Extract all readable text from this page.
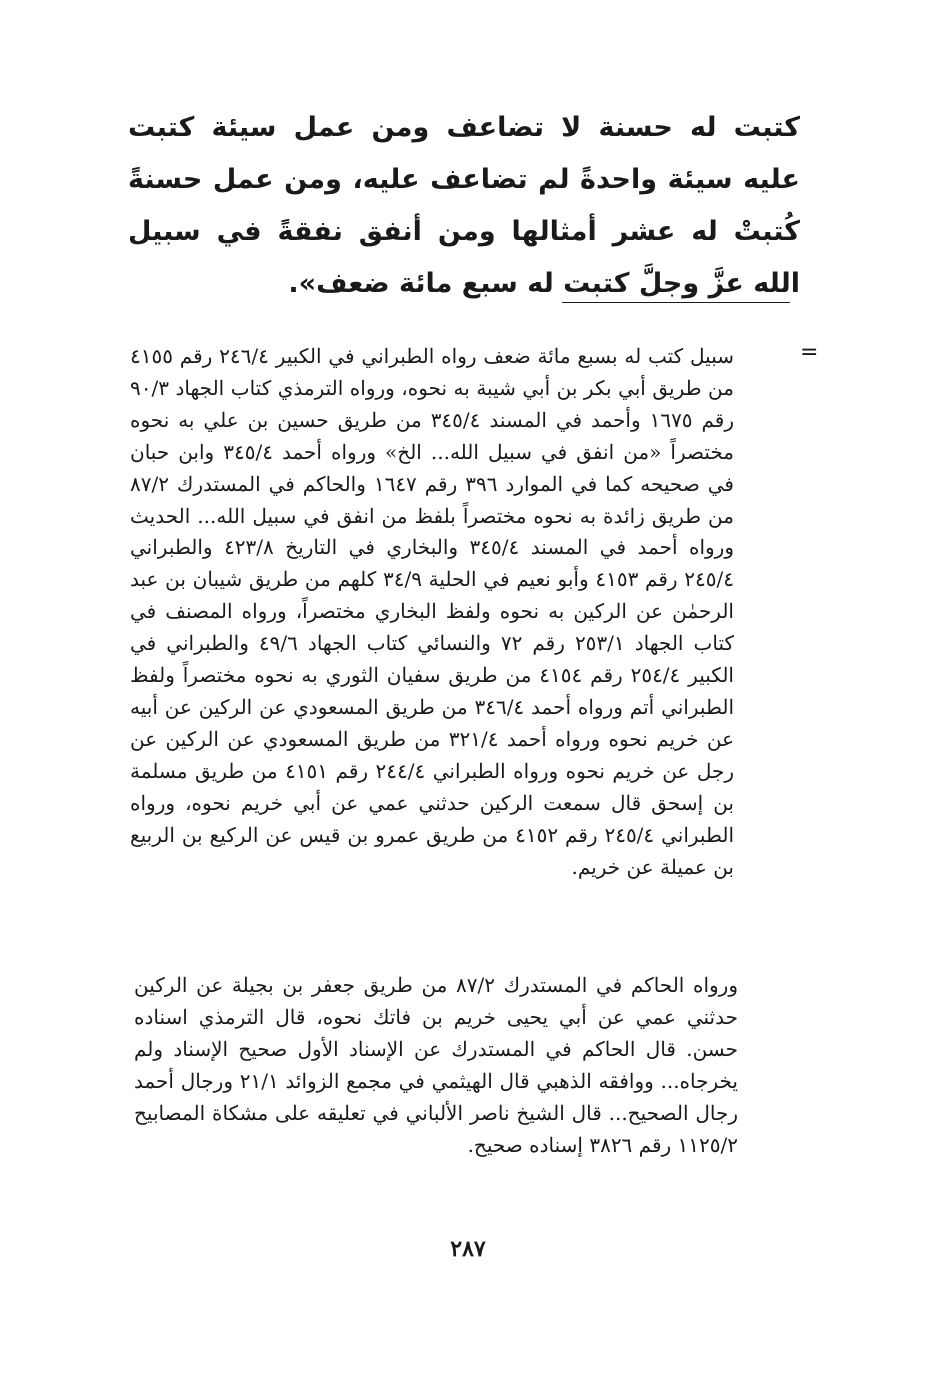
كتبت له حسنة لا تضاعف ومن عمل سيئة كتبت عليه سيئة واحدةً لم تضاعف عليه، ومن عمل حسنةً كُتبتْ له عشر أمثالها ومن أنفق نفقةً في سبيل الله عزَّ وجلَّ كتبت له سبع مائة ضعف».

=

سبيل كتب له بسبع مائة ضعف رواه الطبراني في الكبير ٢٤٦/٤ رقم ٤١٥٥ من طريق أبي بكر بن أبي شيبة به نحوه، ورواه الترمذي كتاب الجهاد ٩٠/٣ رقم ١٦٧٥ وأحمد في المسند ٣٤٥/٤ من طريق حسين بن علي به نحوه مختصراً «من انفق في سبيل الله... الخ» ورواه أحمد ٣٤٥/٤ وابن حبان في صحيحه كما في الموارد ٣٩٦ رقم ١٦٤٧ والحاكم في المستدرك ٨٧/٢ من طريق زائدة به نحوه مختصراً بلفظ من انفق في سبيل الله... الحديث ورواه أحمد في المسند ٣٤٥/٤ والبخاري في التاريخ ٤٢٣/٨ والطبراني ٢٤٥/٤ رقم ٤١٥٣ وأبو نعيم في الحلية ٣٤/٩ كلهم من طريق شيبان بن عبد الرحمٰن عن الركين به نحوه ولفظ البخاري مختصراً، ورواه المصنف في كتاب الجهاد ٢٥٣/١ رقم ٧٢ والنسائي كتاب الجهاد ٤٩/٦ والطبراني في الكبير ٢٥٤/٤ رقم ٤١٥٤ من طريق سفيان الثوري به نحوه مختصراً ولفظ الطبراني أتم ورواه أحمد ٣٤٦/٤ من طريق المسعودي عن الركين عن أبيه عن خريم نحوه ورواه أحمد ٣٢١/٤ من طريق المسعودي عن الركين عن رجل عن خريم نحوه ورواه الطبراني ٢٤٤/٤ رقم ٤١٥١ من طريق مسلمة بن إسحق قال سمعت الركين حدثني عمي عن أبي خريم نحوه، ورواه الطبراني ٢٤٥/٤ رقم ٤١٥٢ من طريق عمرو بن قيس عن الركيع بن الربيع بن عميلة عن خريم.

ورواه الحاكم في المستدرك ٨٧/٢ من طريق جعفر بن بجيلة عن الركين حدثني عمي عن أبي يحيى خريم بن فاتك نحوه، قال الترمذي اسناده حسن. قال الحاكم في المستدرك عن الإسناد الأول صحيح الإسناد ولم يخرجاه... ووافقه الذهبي قال الهيثمي في مجمع الزوائد ٢١/١ ورجال أحمد رجال الصحيح... قال الشيخ ناصر الألباني في تعليقه على مشكاة المصابيح ١١٢٥/٢ رقم ٣٨٢٦ إسناده صحيح.

٢٨٧
